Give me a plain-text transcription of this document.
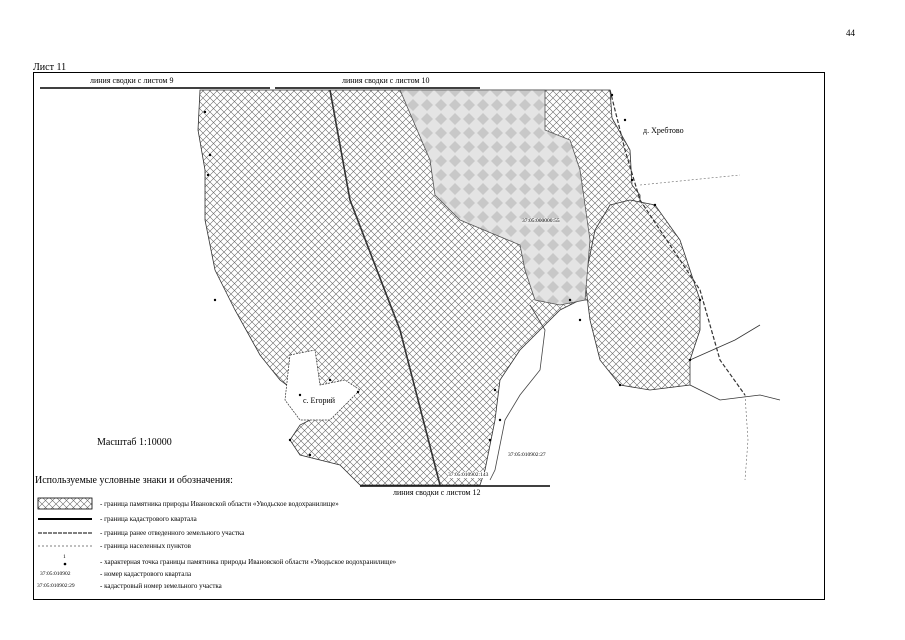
44
Лист 11
линия сводки с листом 9	линия сводки с листом 10
линия сводки с листом 12
д. Хребтово
с. Егорий
37:05:000000:55
37:05:010902:27
37:05:010902:143
Масштаб 1:10000
Используемые условные знаки и обозначения:
- граница памятника природы Ивановской области «Уводьское водохранилище»
- граница кадастрового квартала
- граница ранее отведенного земельного участка
- граница населенных пунктов
1
- характерная точка границы памятника природы Ивановской области «Уводьское водохранилище»
37:05:010902	- номер кадастрового квартала
37:05:010902:29	- кадастровый номер земельного участка
